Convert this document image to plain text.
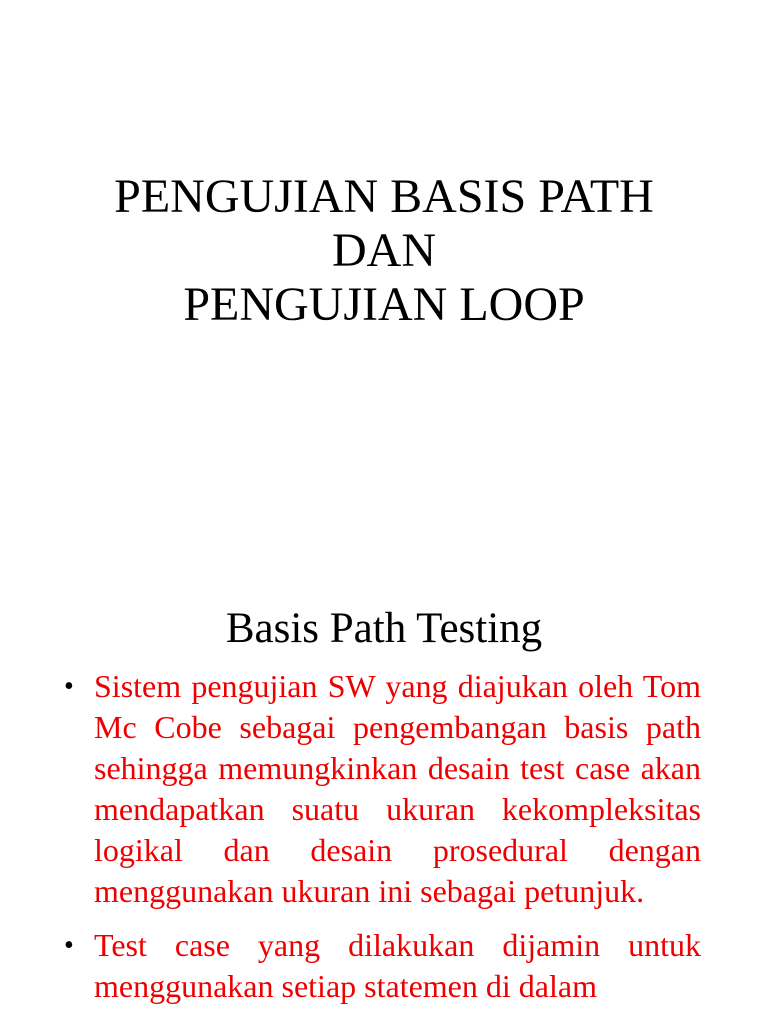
PENGUJIAN BASIS PATH
DAN
PENGUJIAN LOOP
Basis Path Testing
• Sistem pengujian SW yang diajukan oleh Tom Mc Cobe sebagai pengembangan basis path sehingga memungkinkan desain test case akan mendapatkan suatu ukuran kekompleksitas logikal dan desain prosedural dengan menggunakan ukuran ini sebagai petunjuk.
• Test case yang dilakukan dijamin untuk menggunakan setiap statemen di dalam
